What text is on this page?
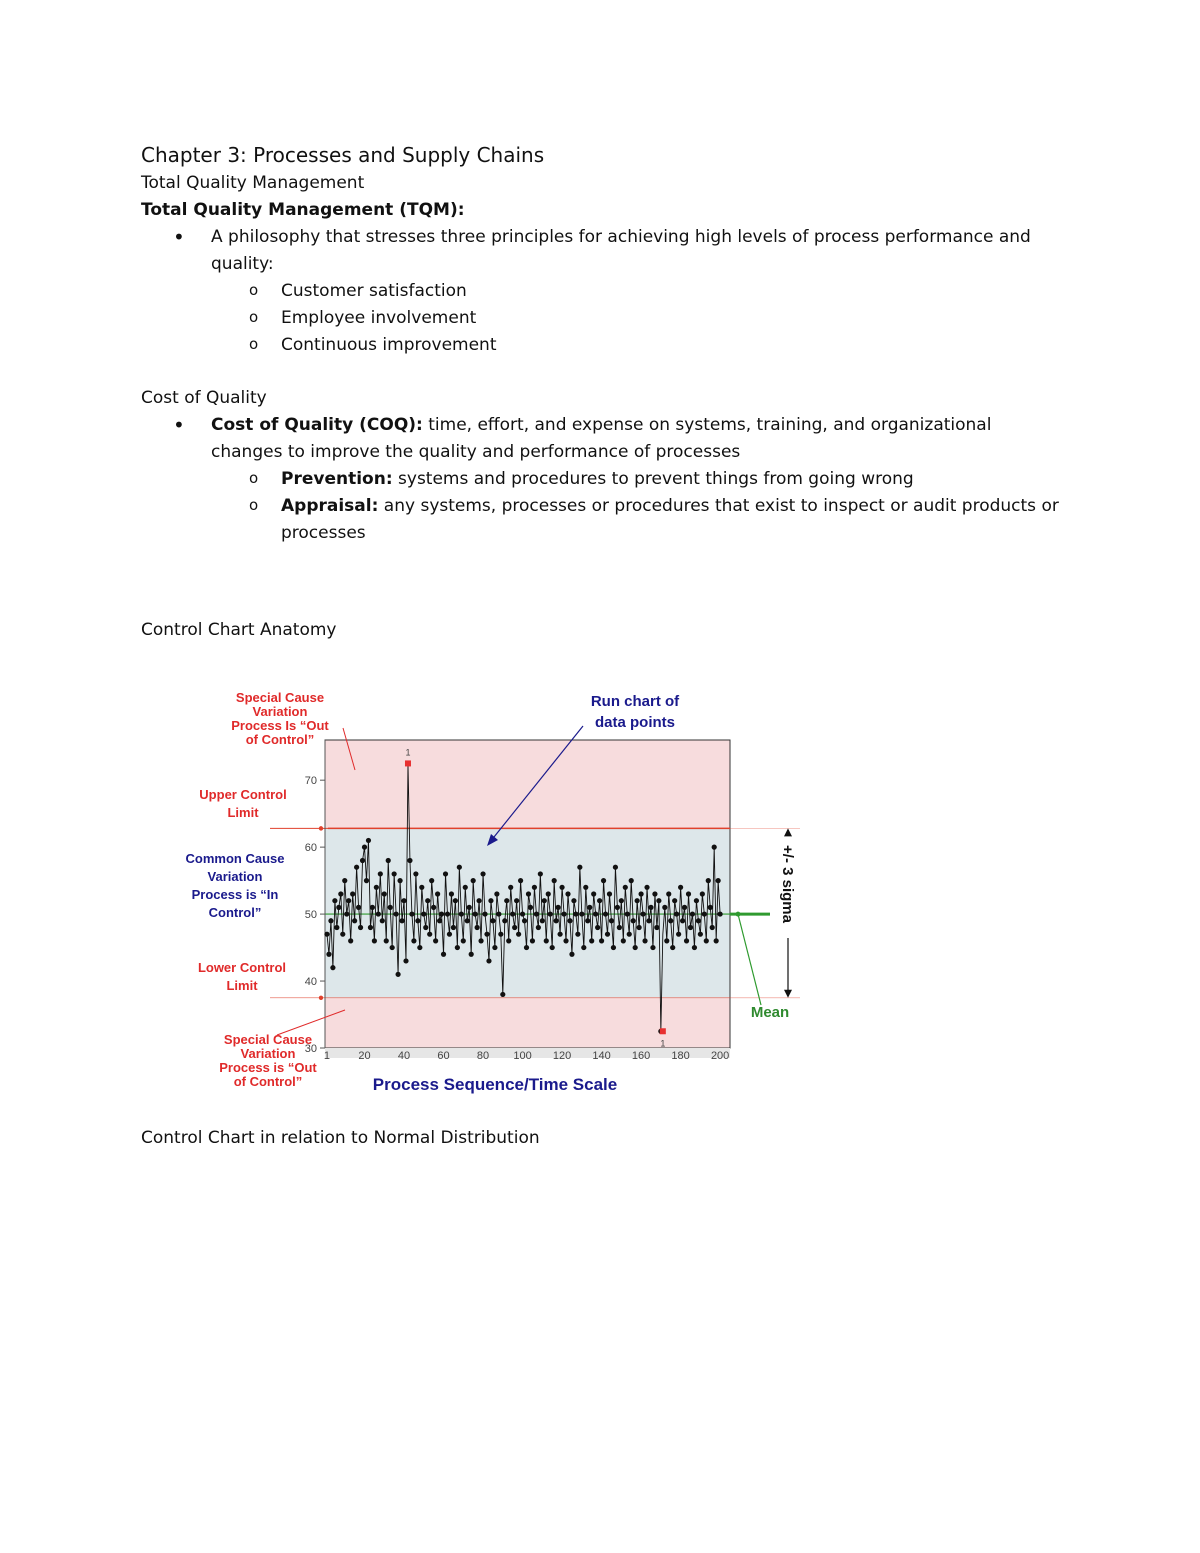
Chapter 3: Processes and Supply Chains

Total Quality Management

Total Quality Management (TQM):

• A philosophy that stresses three principles for achieving high levels of process performance and quality:
o Customer satisfaction
o Employee involvement
o Continuous improvement

Cost of Quality

• Cost of Quality (COQ): time, effort, and expense on systems, training, and organizational changes to improve the quality and performance of processes
o Prevention: systems and procedures to prevent things from going wrong
o Appraisal: any systems, processes or procedures that exist to inspect or audit products or processes

Control Chart Anatomy

30
40
50
60
70
1	20 40 60 80 100 120 140 160 180 200
1
1
Special Cause
Variation
Process Is “Out
of Control”
Upper Control
Limit
Common Cause
Variation
Process is “In
Control”
Lower Control
Limit
Special Cause
Variation
Process is “Out
of Control”
Run chart of
data points
Process Sequence/Time Scale
Mean
+/- 3 sigma
Control Chart in relation to Normal Distribution
